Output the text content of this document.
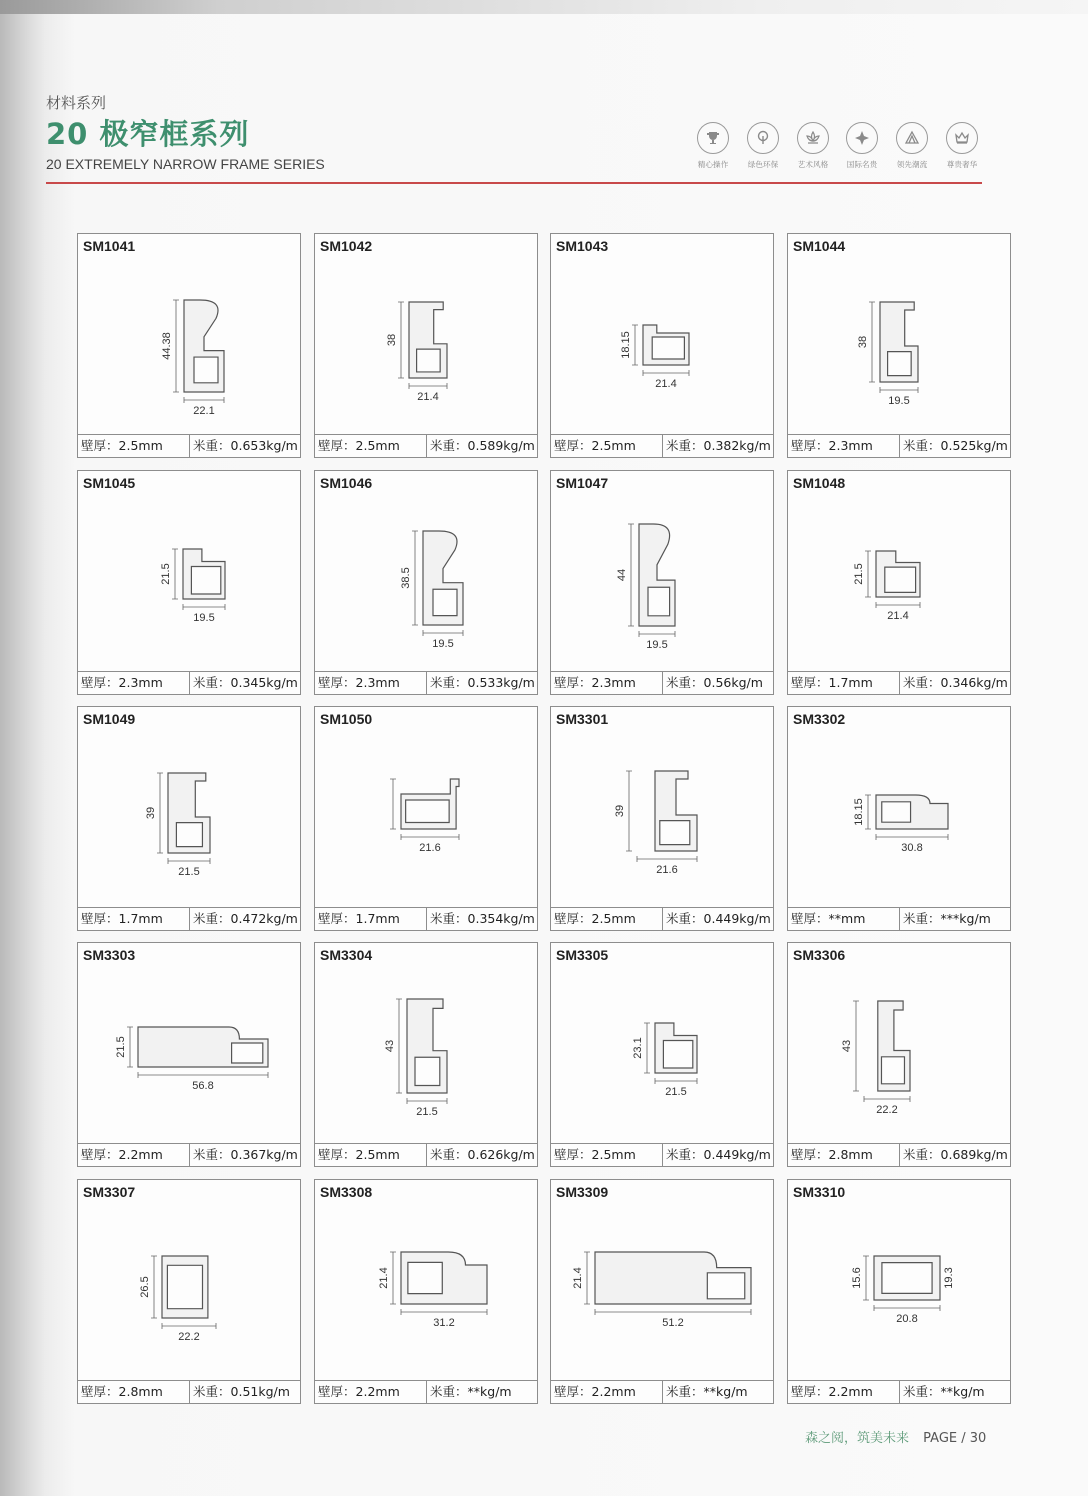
材料系列
20 极窄框系列
20 EXTREMELY NARROW FRAME SERIES	精心操作	绿色环保	艺术风格	国际名贵	领先潮流	尊贵奢华
SM1041
44.38
22.1
壁厚：2.5mm	米重：0.653kg/m
SM1042
38
21.4
壁厚：2.5mm	米重：0.589kg/m
SM1043
18.15
21.4
壁厚：2.5mm	米重：0.382kg/m
SM1044
38
19.5
壁厚：2.3mm	米重：0.525kg/m
SM1045
21.5
19.5
壁厚：2.3mm	米重：0.345kg/m
SM1046
38.5
19.5
壁厚：2.3mm	米重：0.533kg/m
SM1047
44
19.5
壁厚：2.3mm	米重：0.56kg/m
SM1048
21.5
21.4
壁厚：1.7mm	米重：0.346kg/m
SM1049
39
21.5
壁厚：1.7mm	米重：0.472kg/m
SM1050
21.6
壁厚：1.7mm	米重：0.354kg/m
SM3301
39
21.6
壁厚：2.5mm	米重：0.449kg/m
SM3302
18.15
30.8
壁厚：**mm	米重：***kg/m
SM3303
21.5
56.8
壁厚：2.2mm	米重：0.367kg/m
SM3304
43
21.5
壁厚：2.5mm	米重：0.626kg/m
SM3305
23.1
21.5
壁厚：2.5mm	米重：0.449kg/m
SM3306
43
22.2
壁厚：2.8mm	米重：0.689kg/m
SM3307
26.5
22.2
壁厚：2.8mm	米重：0.51kg/m
SM3308
21.4
31.2
壁厚：2.2mm	米重：**kg/m
SM3309
21.4
51.2
壁厚：2.2mm	米重：**kg/m
SM3310
15.6	19.3
20.8
壁厚：2.2mm	米重：**kg/m
森之阅，筑美未来 PAGE / 30
